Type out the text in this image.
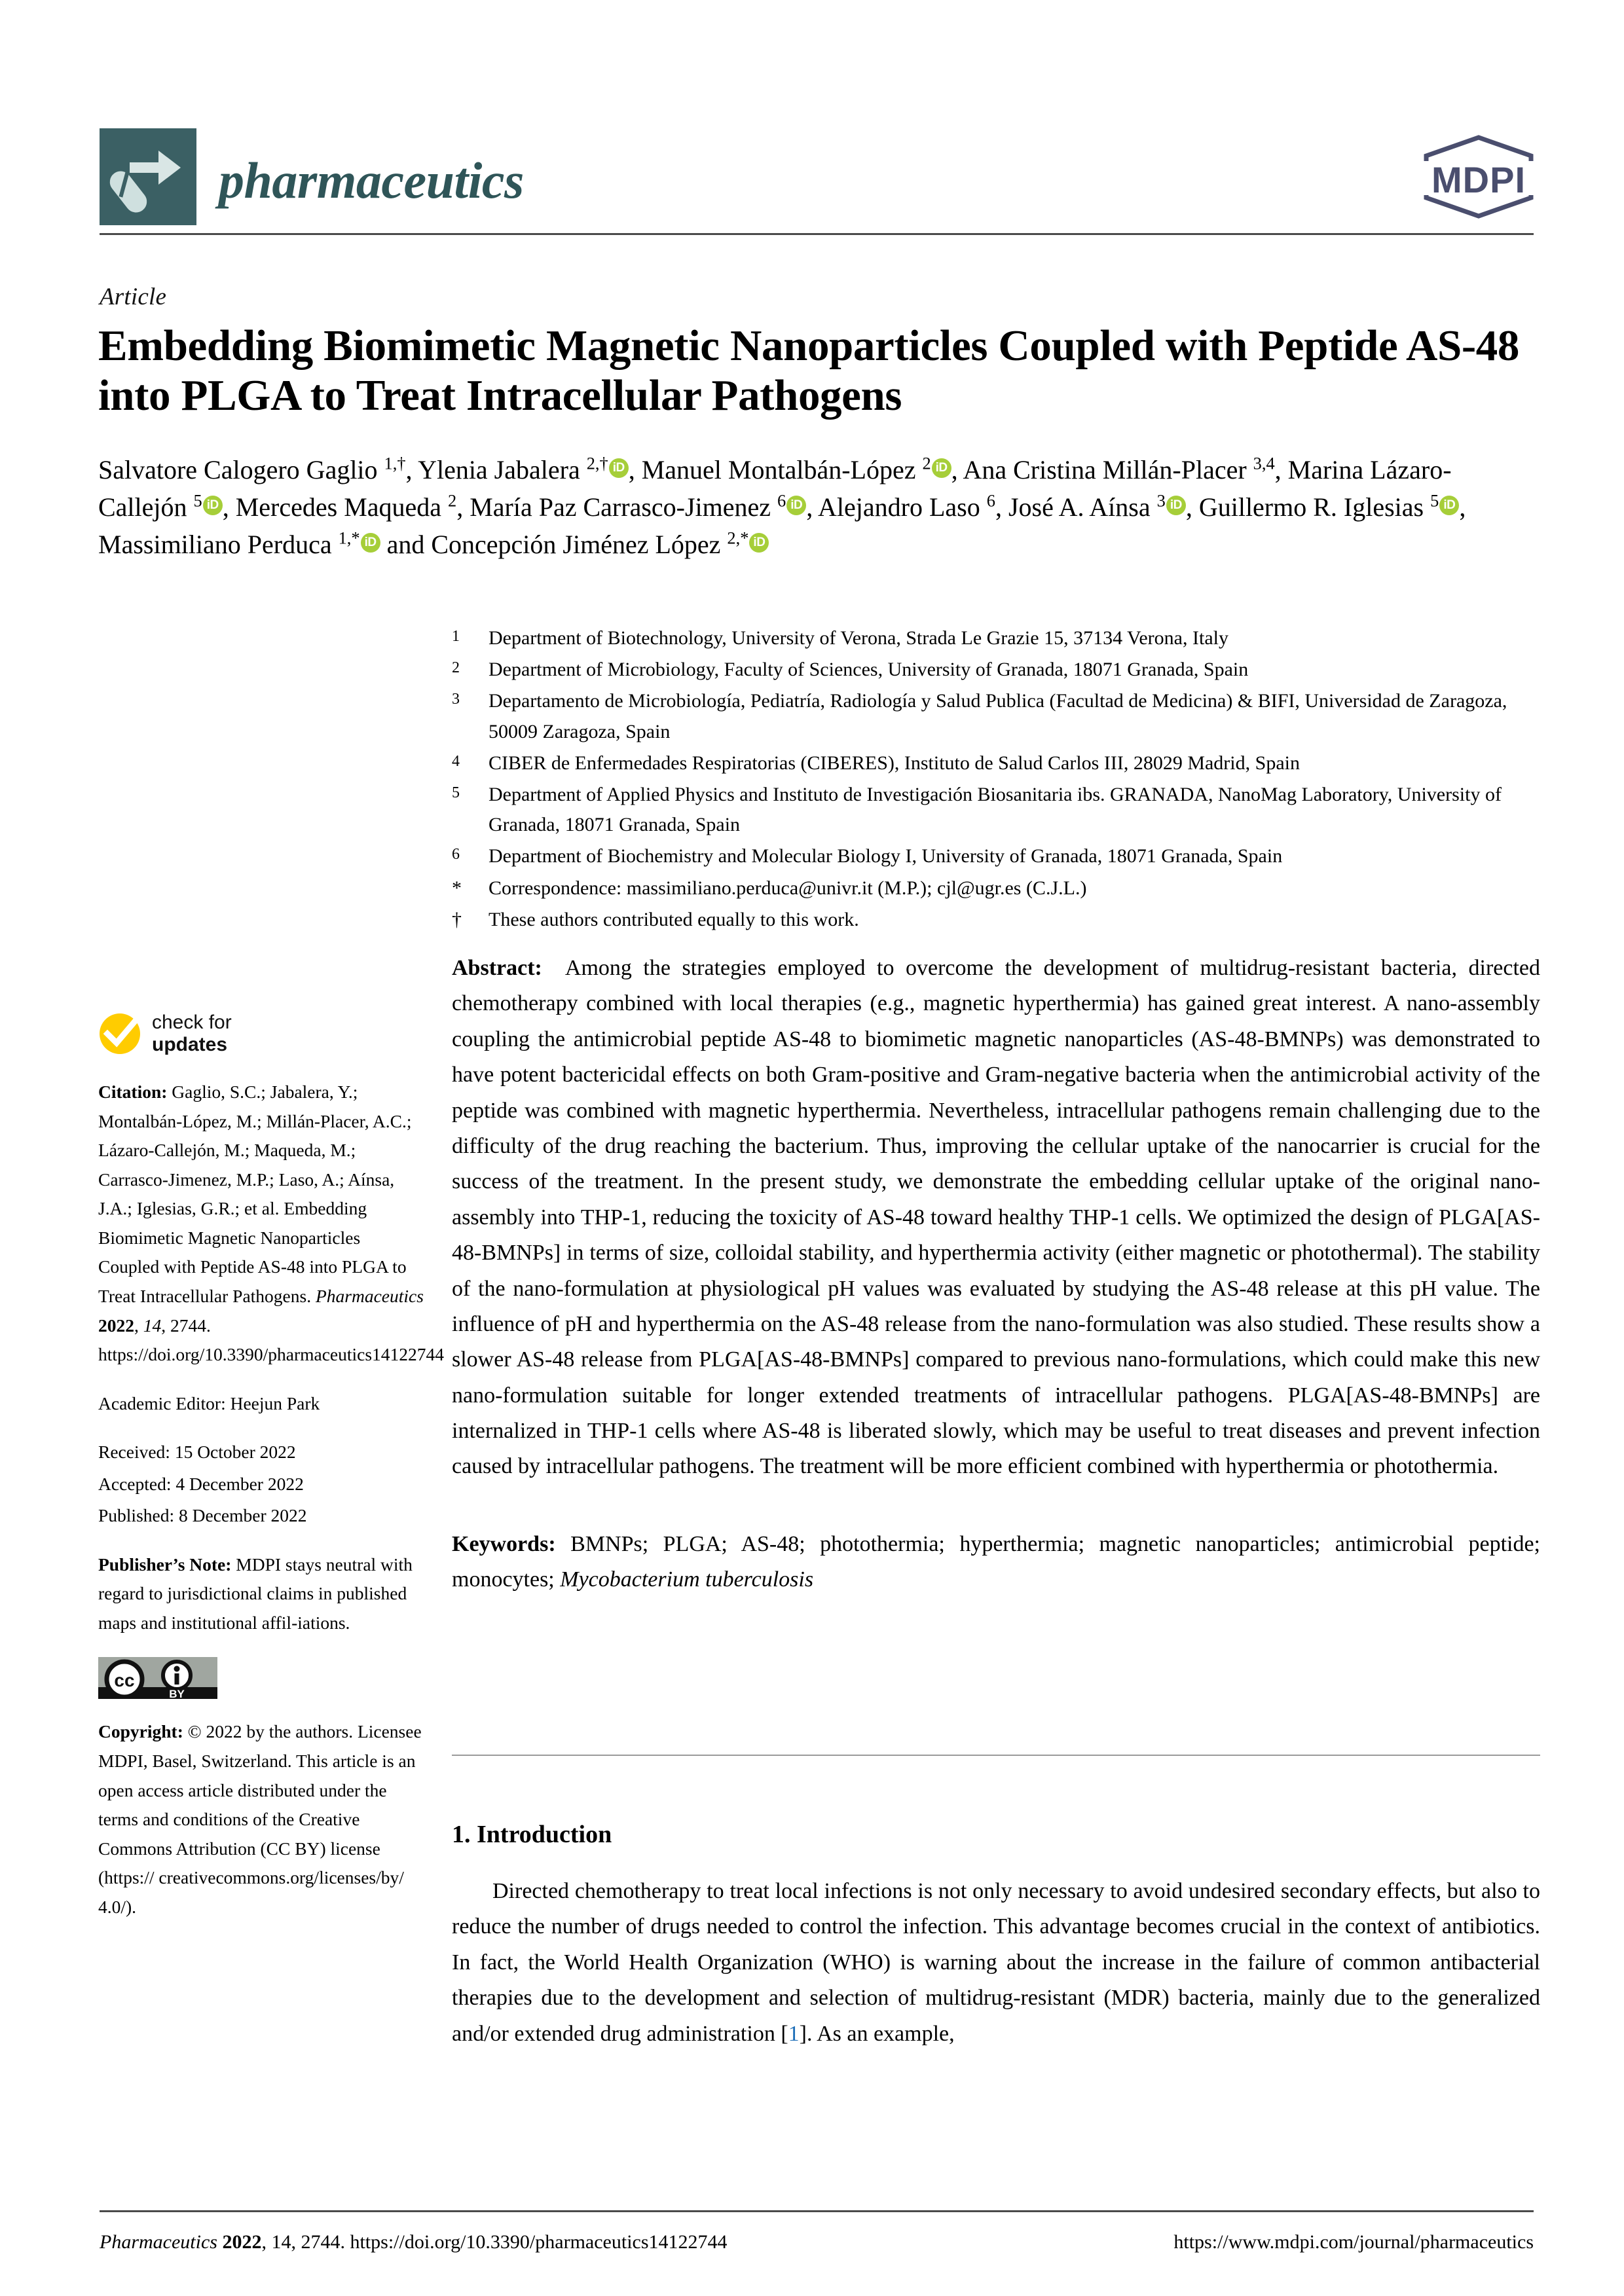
pharmaceutics	MDPI
Article
Embedding Biomimetic Magnetic Nanoparticles Coupled with Peptide AS-48 into PLGA to Treat Intracellular Pathogens
Salvatore Calogero Gaglio $^{1,\dagger}$, Ylenia Jabalera $^{2,\dagger}$ iD , Manuel Montalbán-López $^2$ iD , Ana Cristina Millán-Placer $^{3,4}$, Marina Lázaro-Callejón $^5$ iD , Mercedes Maqueda $^2$, María Paz Carrasco-Jimenez $^6$ iD , Alejandro Laso $^6$, José A. Aínsa $^3$ iD , Guillermo R. Iglesias $^5$ iD , Massimiliano Perduca $^{1,*}$ iD and Concepción Jiménez López $^{2,*}$ iD
1	Department of Biotechnology, University of Verona, Strada Le Grazie 15, 37134 Verona, Italy
2	Department of Microbiology, Faculty of Sciences, University of Granada, 18071 Granada, Spain
3	Departamento de Microbiología, Pediatría, Radiología y Salud Publica (Facultad de Medicina) & BIFI, Universidad de Zaragoza, 50009 Zaragoza, Spain
4	CIBER de Enfermedades Respiratorias (CIBERES), Instituto de Salud Carlos III, 28029 Madrid, Spain
5	Department of Applied Physics and Instituto de Investigación Biosanitaria ibs. GRANADA, NanoMag Laboratory, University of Granada, 18071 Granada, Spain
6	Department of Biochemistry and Molecular Biology I, University of Granada, 18071 Granada, Spain
*	Correspondence: massimiliano.perduca@univr.it (M.P.); cjl@ugr.es (C.J.L.)
†	These authors contributed equally to this work.
check for
updates

Citation: Gaglio, S.C.; Jabalera, Y.; Montalbán-López, M.; Millán-Placer, A.C.; Lázaro-Callejón, M.; Maqueda, M.; Carrasco-Jimenez, M.P.; Laso, A.; Aínsa, J.A.; Iglesias, G.R.; et al. Embedding Biomimetic Magnetic Nanoparticles Coupled with Peptide AS-48 into PLGA to Treat Intracellular Pathogens. Pharmaceutics 2022, 14, 2744. https://doi.org/10.3390/pharmaceutics14122744

Academic Editor: Heejun Park

Received: 15 October 2022

Accepted: 4 December 2022

Published: 8 December 2022

Publisher’s Note: MDPI stays neutral with regard to jurisdictional claims in published maps and institutional affil-iations.

cc
BY

Copyright: © 2022 by the authors. Licensee MDPI, Basel, Switzerland. This article is an open access article distributed under the terms and conditions of the Creative Commons Attribution (CC BY) license (https:// creativecommons.org/licenses/by/ 4.0/).

Abstract: Among the strategies employed to overcome the development of multidrug-resistant bacteria, directed chemotherapy combined with local therapies (e.g., magnetic hyperthermia) has gained great interest. A nano-assembly coupling the antimicrobial peptide AS-48 to biomimetic magnetic nanoparticles (AS-48-BMNPs) was demonstrated to have potent bactericidal effects on both Gram-positive and Gram-negative bacteria when the antimicrobial activity of the peptide was combined with magnetic hyperthermia. Nevertheless, intracellular pathogens remain challenging due to the difficulty of the drug reaching the bacterium. Thus, improving the cellular uptake of the nanocarrier is crucial for the success of the treatment. In the present study, we demonstrate the embedding cellular uptake of the original nano-assembly into THP-1, reducing the toxicity of AS-48 toward healthy THP-1 cells. We optimized the design of PLGA[AS-48-BMNPs] in terms of size, colloidal stability, and hyperthermia activity (either magnetic or photothermal). The stability of the nano-formulation at physiological pH values was evaluated by studying the AS-48 release at this pH value. The influence of pH and hyperthermia on the AS-48 release from the nano-formulation was also studied. These results show a slower AS-48 release from PLGA[AS-48-BMNPs] compared to previous nano-formulations, which could make this new nano-formulation suitable for longer extended treatments of intracellular pathogens. PLGA[AS-48-BMNPs] are internalized in THP-1 cells where AS-48 is liberated slowly, which may be useful to treat diseases and prevent infection caused by intracellular pathogens. The treatment will be more efficient combined with hyperthermia or photothermia.
Keywords: BMNPs; PLGA; AS-48; photothermia; hyperthermia; magnetic nanoparticles; antimicrobial peptide; monocytes; Mycobacterium tuberculosis
1. Introduction
Directed chemotherapy to treat local infections is not only necessary to avoid undesired secondary effects, but also to reduce the number of drugs needed to control the infection. This advantage becomes crucial in the context of antibiotics. In fact, the World Health Organization (WHO) is warning about the increase in the failure of common antibacterial therapies due to the development and selection of multidrug-resistant (MDR) bacteria, mainly due to the generalized and/or extended drug administration [1]. As an example,
Pharmaceutics 2022, 14, 2744. https://doi.org/10.3390/pharmaceutics14122744	https://www.mdpi.com/journal/pharmaceutics
